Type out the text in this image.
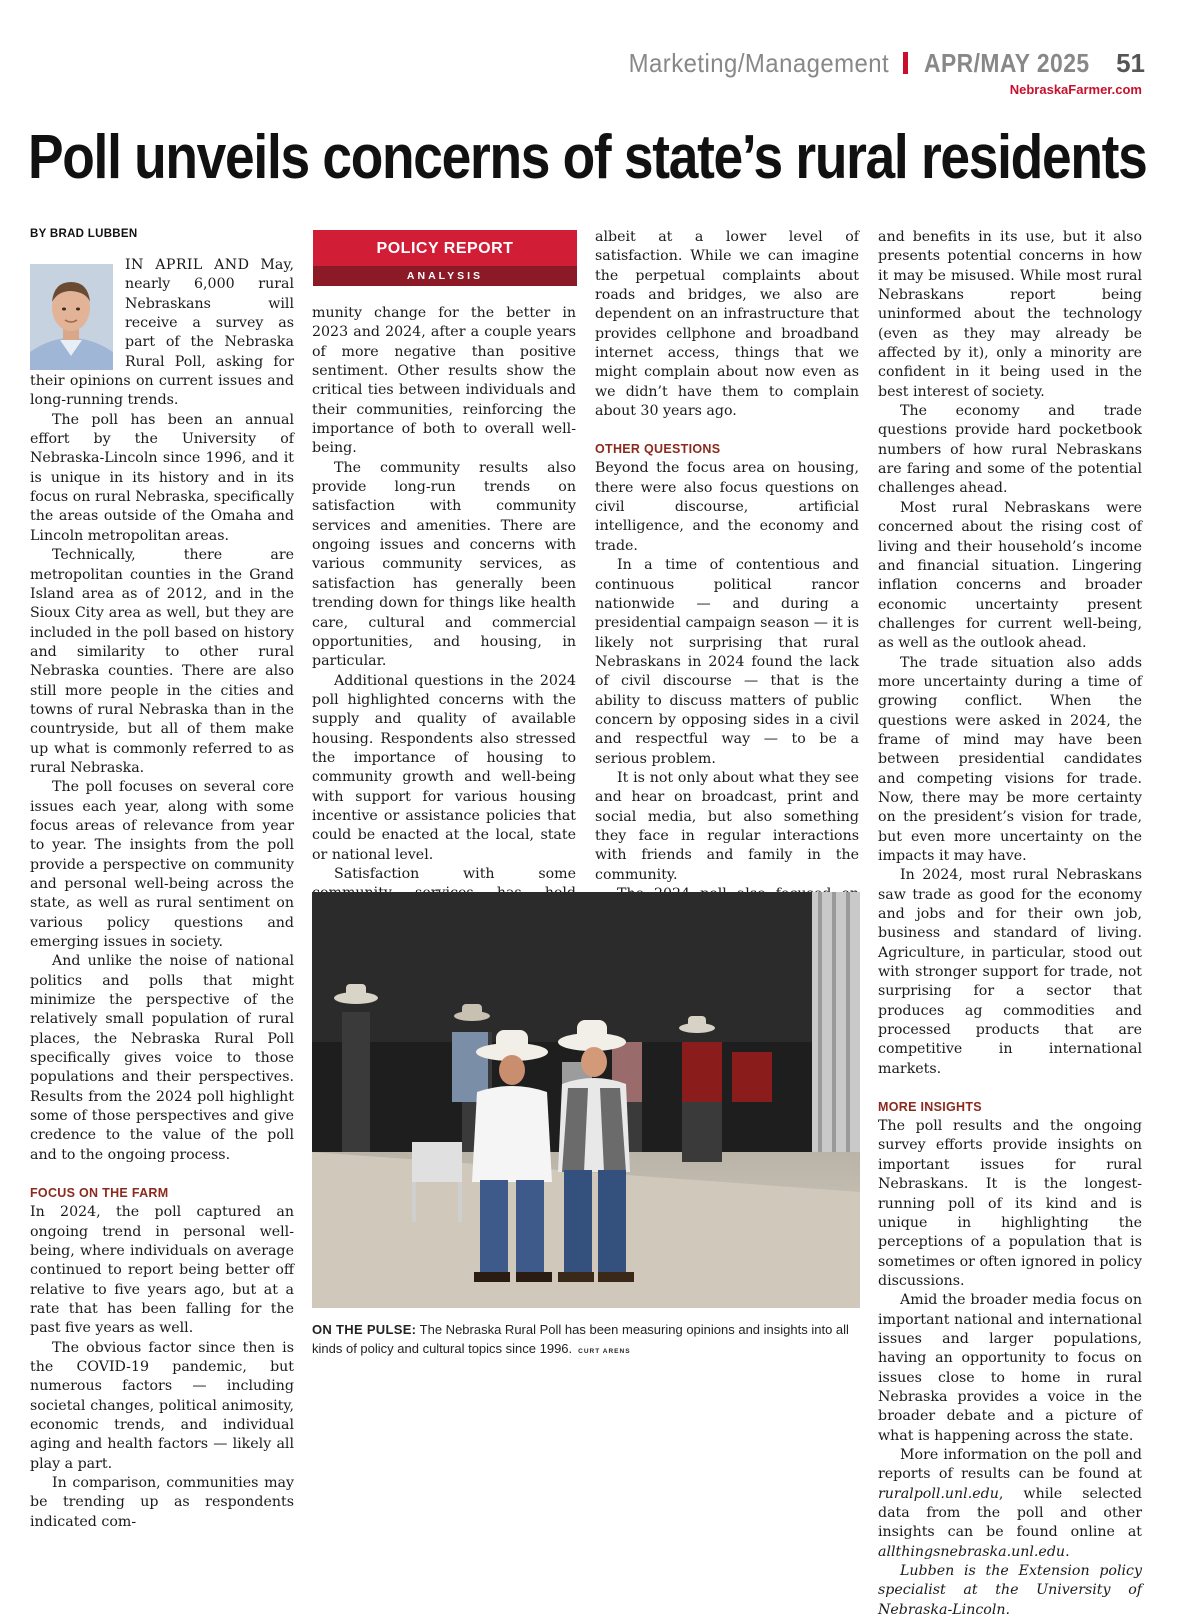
Marketing/Management APR/MAY 2025 51
NebraskaFarmer.com
Poll unveils concerns of state’s rural residents
BY BRAD LUBBEN

IN APRIL AND May, nearly 6,000 rural Nebraskans will receive a survey as part of the Nebraska Rural Poll, asking for their opinions on current issues and long-running trends.

The poll has been an annual effort by the University of Nebraska-Lincoln since 1996, and it is unique in its history and in its focus on rural Nebraska, specifically the areas outside of the Omaha and Lincoln metropolitan areas.

Technically, there are metropolitan counties in the Grand Island area as of 2012, and in the Sioux City area as well, but they are included in the poll based on history and similarity to other rural Nebraska counties. There are also still more people in the cities and towns of rural Nebraska than in the countryside, but all of them make up what is commonly referred to as rural Nebraska.

The poll focuses on several core issues each year, along with some focus areas of relevance from year to year. The insights from the poll provide a perspective on community and personal well-being across the state, as well as rural sentiment on various policy questions and emerging issues in society.

And unlike the noise of national politics and polls that might minimize the perspective of the relatively small population of rural places, the Nebraska Rural Poll specifically gives voice to those populations and their perspectives. Results from the 2024 poll highlight some of those perspectives and give credence to the value of the poll and to the ongoing process.

FOCUS ON THE FARM

In 2024, the poll captured an ongoing trend in personal well-being, where individuals on average continued to report being better off relative to five years ago, but at a rate that has been falling for the past five years as well.

The obvious factor since then is the COVID-19 pandemic, but numerous factors — including societal changes, political animosity, economic trends, and individual aging and health factors — likely all play a part.

In comparison, communities may be trending up as respondents indicated com-

POLICY REPORT
ANALYSIS

munity change for the better in 2023 and 2024, after a couple years of more negative than positive sentiment. Other results show the critical ties between individuals and their communities, reinforcing the importance of both to overall well-being.

The community results also provide long-run trends on satisfaction with community services and amenities. There are ongoing issues and concerns with various community services, as satisfaction has generally been trending down for things like health care, cultural and commercial opportunities, and housing, in particular.

Additional questions in the 2024 poll highlighted concerns with the supply and quality of available housing. Respondents also stressed the importance of housing to community growth and well-being with support for various housing incentive or assistance policies that could be enacted at the local, state or national level.

Satisfaction with some

albeit at a lower level of satisfaction. While we can imagine the perpetual complaints about roads and bridges, we also are dependent on an infrastructure that provides cellphone and broadband internet access, things that we might complain about now even as we didn’t have them to complain about 30 years ago.

OTHER QUESTIONS

Beyond the focus area on housing, there were also focus questions on civil discourse, artificial intelligence, and the economy and trade.

In a time of contentious and continuous political rancor nationwide — and during a presidential campaign season — it is likely not surprising that rural Nebraskans in 2024 found the lack of civil discourse — that is the ability to discuss matters of public concern by opposing sides in a civil and respectful way — to be a serious problem.

It is not only about what they see and hear on broadcast, print and social media, but also something they face in regular interactions with friends and family in the community.

and benefits in its use, but it also presents potential concerns in how it may be misused. While most rural Nebraskans report being uninformed about the technology (even as they may already be affected by it), only a minority are confident in it being used in the best interest of society.

The economy and trade questions provide hard pocketbook numbers of how rural Nebraskans are faring and some of the potential challenges ahead.

Most rural Nebraskans were concerned about the rising cost of living and their household’s income and financial situation. Lingering inflation concerns and broader economic uncertainty present challenges for current well-being, as well as the outlook ahead.

The trade situation also adds more uncertainty during a time of growing conflict. When the questions were asked in 2024, the frame of mind may have been between presidential candidates and competing visions for trade. Now, there may be more certainty on the president’s vision for trade, but even more uncertainty on the impacts it may have.

In 2024, most rural Nebraskans saw trade as good for the economy and jobs and for their own job, business and standard of living. Agriculture, in particular, stood out with stronger support for trade, not surprising for a sector that produces ag commodities and processed products that are competitive in international markets.

MORE INSIGHTS

The poll results and the ongoing survey efforts provide insights on important issues for rural Nebraskans. It is the longest-running poll of its kind and is unique in highlighting the perceptions of a population that is sometimes or often ignored in policy discussions.

Amid the broader media focus on important national and international issues and larger populations, having an opportunity to focus on issues close to home in rural Nebraska provides a voice in the broader debate and a picture of what is happening across the state.

More information on the poll and reports of results can be found at ruralpoll.unl.edu, while selected data from the poll and other insights can be found online at allthingsnebraska.unl.edu.

Lubben is the Extension policy specialist at the University of Nebraska-Lincoln.

ON THE PULSE: The Nebraska Rural Poll has been measuring opinions and insights into all kinds of policy and cultural topics since 1996. CURT ARENS
